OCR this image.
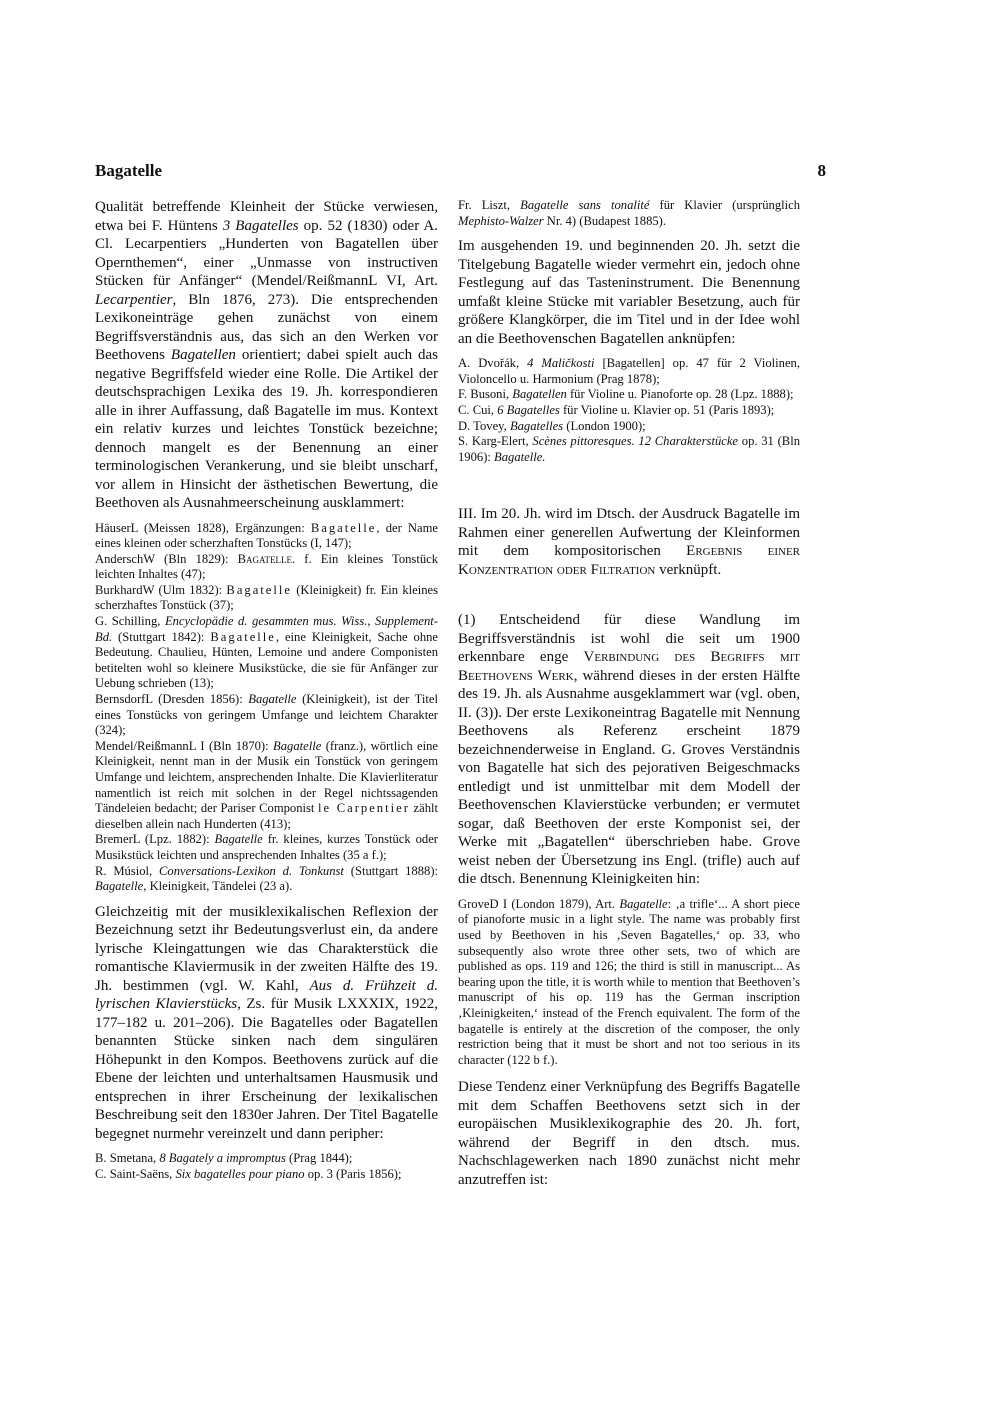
Bagatelle	8

Qualität betreffende Kleinheit der Stücke verwiesen, etwa bei F. Hüntens 3 Bagatelles op. 52 (1830) oder A. Cl. Lecarpentiers „Hunderten von Bagatellen über Opernthemen“, einer „Unmasse von instructiven Stücken für Anfänger“ (Mendel/ReißmannL VI, Art. Lecarpentier, Bln 1876, 273). Die entsprechenden Lexikoneinträge gehen zunächst von einem Begriffsverständnis aus, das sich an den Werken vor Beethovens Bagatellen orientiert; dabei spielt auch das negative Begriffsfeld wieder eine Rolle. Die Artikel der deutschsprachigen Lexika des 19. Jh. korrespondieren alle in ihrer Auffassung, daß Bagatelle im mus. Kontext ein relativ kurzes und leichtes Tonstück bezeichne; dennoch mangelt es der Benennung an einer terminologischen Verankerung, und sie bleibt unscharf, vor allem in Hinsicht der ästhetischen Bewertung, die Beethoven als Ausnahmeerscheinung ausklammert:

HäuserL (Meissen 1828), Ergänzungen: Bagatelle, der Name eines kleinen oder scherzhaften Tonstücks (I, 147);

AnderschW (Bln 1829): Bagatelle. f. Ein kleines Tonstück leichten Inhaltes (47);

BurkhardW (Ulm 1832): Bagatelle (Kleinigkeit) fr. Ein kleines scherzhaftes Tonstück (37);

G. Schilling, Encyclopädie d. gesammten mus. Wiss., Supplement-Bd. (Stuttgart 1842): Bagatelle, eine Kleinigkeit, Sache ohne Bedeutung. Chaulieu, Hünten, Lemoine und andere Componisten betitelten wohl so kleinere Musikstücke, die sie für Anfänger zur Uebung schrieben (13);

BernsdorfL (Dresden 1856): Bagatelle (Kleinigkeit), ist der Titel eines Tonstücks von geringem Umfange und leichtem Charakter (324);

Mendel/ReißmannL I (Bln 1870): Bagatelle (franz.), wörtlich eine Kleinigkeit, nennt man in der Musik ein Tonstück von geringem Umfange und leichtem, ansprechenden Inhalte. Die Klavierliteratur namentlich ist reich mit solchen in der Regel nichtssagenden Tändeleien bedacht; der Pariser Componist le Carpentier zählt dieselben allein nach Hunderten (413);

BremerL (Lpz. 1882): Bagatelle fr. kleines, kurzes Tonstück oder Musikstück leichten und ansprechenden Inhaltes (35 a f.);

R. Músiol, Conversations-Lexikon d. Tonkunst (Stuttgart 1888): Bagatelle, Kleinigkeit, Tändelei (23 a).

Gleichzeitig mit der musiklexikalischen Reflexion der Bezeichnung setzt ihr Bedeutungsverlust ein, da andere lyrische Kleingattungen wie das Charakterstück die romantische Klaviermusik in der zweiten Hälfte des 19. Jh. bestimmen (vgl. W. Kahl, Aus d. Frühzeit d. lyrischen Klavierstücks, Zs. für Musik LXXXIX, 1922, 177–182 u. 201–206). Die Bagatelles oder Bagatellen benannten Stücke sinken nach dem singulären Höhepunkt in den Kompos. Beethovens zurück auf die Ebene der leichten und unterhaltsamen Hausmusik und entsprechen in ihrer Erscheinung der lexikalischen Beschreibung seit den 1830er Jahren. Der Titel Bagatelle begegnet nurmehr vereinzelt und dann peripher:

B. Smetana, 8 Bagately a impromptus (Prag 1844);

C. Saint-Saëns, Six bagatelles pour piano op. 3 (Paris 1856);

Fr. Liszt, Bagatelle sans tonalité für Klavier (ursprünglich Mephisto-Walzer Nr. 4) (Budapest 1885).

Im ausgehenden 19. und beginnenden 20. Jh. setzt die Titelgebung Bagatelle wieder vermehrt ein, jedoch ohne Festlegung auf das Tasteninstrument. Die Benennung umfaßt kleine Stücke mit variabler Besetzung, auch für größere Klangkörper, die im Titel und in der Idee wohl an die Beethovenschen Bagatellen anknüpfen:

A. Dvořák, 4 Maličkosti [Bagatellen] op. 47 für 2 Violinen, Violoncello u. Harmonium (Prag 1878);

F. Busoni, Bagatellen für Violine u. Pianoforte op. 28 (Lpz. 1888);

C. Cui, 6 Bagatelles für Violine u. Klavier op. 51 (Paris 1893);

D. Tovey, Bagatelles (London 1900);

S. Karg-Elert, Scènes pittoresques. 12 Charakterstücke op. 31 (Bln 1906): Bagatelle.

III. Im 20. Jh. wird im Dtsch. der Ausdruck Bagatelle im Rahmen einer generellen Aufwertung der Kleinformen mit dem kompositorischen Ergebnis einer Konzentration oder Filtration verknüpft.

(1) Entscheidend für diese Wandlung im Begriffsverständnis ist wohl die seit um 1900 erkennbare enge Verbindung des Begriffs mit Beethovens Werk, während dieses in der ersten Hälfte des 19. Jh. als Ausnahme ausgeklammert war (vgl. oben, II. (3)). Der erste Lexikoneintrag Bagatelle mit Nennung Beethovens als Referenz erscheint 1879 bezeichnenderweise in England. G. Groves Verständnis von Bagatelle hat sich des pejorativen Beigeschmacks entledigt und ist unmittelbar mit dem Modell der Beethovenschen Klavierstücke verbunden; er vermutet sogar, daß Beethoven der erste Komponist sei, der Werke mit „Bagatellen“ überschrieben habe. Grove weist neben der Übersetzung ins Engl. (trifle) auch auf die dtsch. Benennung Kleinigkeiten hin:

GroveD I (London 1879), Art. Bagatelle: ‚a trifle‘... A short piece of pianoforte music in a light style. The name was probably first used by Beethoven in his ‚Seven Bagatelles,‘ op. 33, who subsequently also wrote three other sets, two of which are published as ops. 119 and 126; the third is still in manuscript... As bearing upon the title, it is worth while to mention that Beethoven’s manuscript of his op. 119 has the German inscription ‚Kleinigkeiten,‘ instead of the French equivalent. The form of the bagatelle is entirely at the discretion of the composer, the only restriction being that it must be short and not too serious in its character (122 b f.).

Diese Tendenz einer Verknüpfung des Begriffs Bagatelle mit dem Schaffen Beethovens setzt sich in der europäischen Musiklexikographie des 20. Jh. fort, während der Begriff in den dtsch. mus. Nachschlagewerken nach 1890 zunächst nicht mehr anzutreffen ist:
